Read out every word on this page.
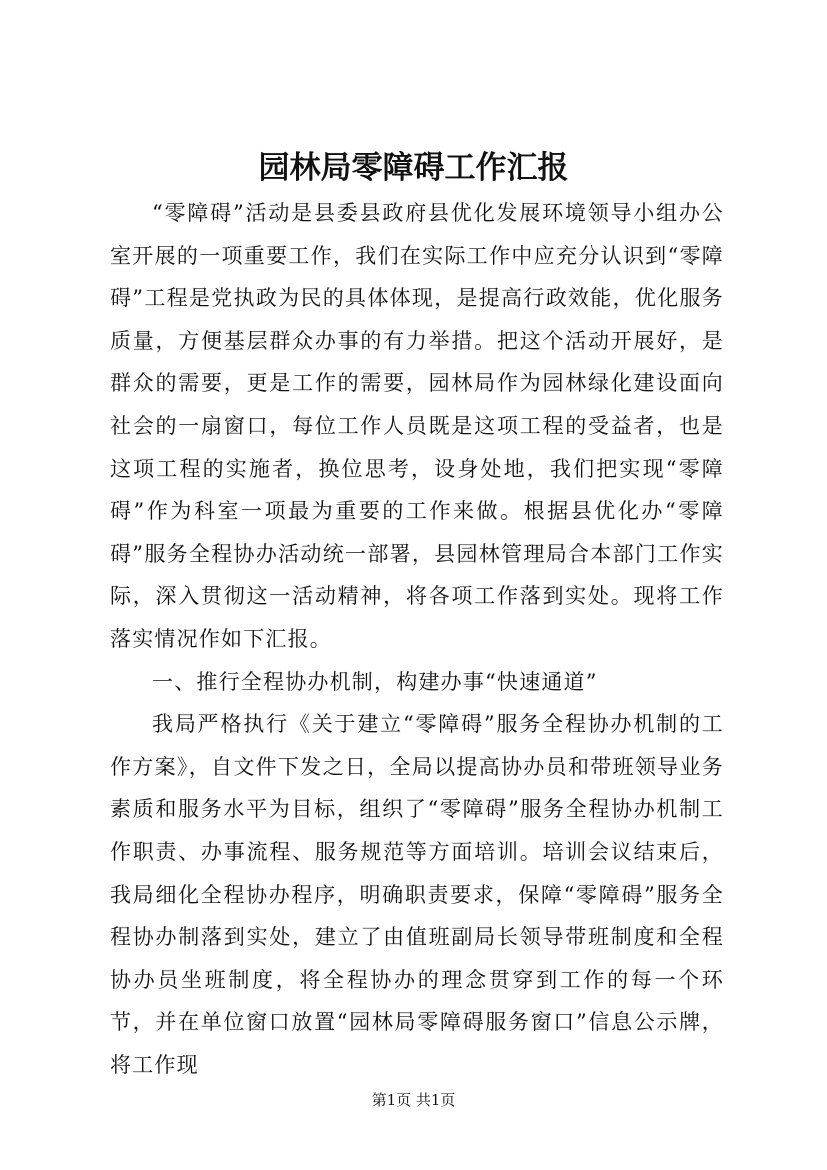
园林局零障碍工作汇报

“零障碍”活动是县委县政府县优化发展环境领导小组办公室开展的一项重要工作，我们在实际工作中应充分认识到“零障碍”工程是党执政为民的具体体现，是提高行政效能，优化服务质量，方便基层群众办事的有力举措。把这个活动开展好，是群众的需要，更是工作的需要，园林局作为园林绿化建设面向社会的一扇窗口，每位工作人员既是这项工程的受益者，也是这项工程的实施者，换位思考，设身处地，我们把实现“零障碍”作为科室一项最为重要的工作来做。根据县优化办“零障碍”服务全程协办活动统一部署，县园林管理局合本部门工作实际，深入贯彻这一活动精神，将各项工作落到实处。现将工作落实情况作如下汇报。

一、推行全程协办机制，构建办事“快速通道”

我局严格执行《关于建立“零障碍”服务全程协办机制的工作方案》，自文件下发之日，全局以提高协办员和带班领导业务素质和服务水平为目标，组织了“零障碍”服务全程协办机制工作职责、办事流程、服务规范等方面培训。培训会议结束后，我局细化全程协办程序，明确职责要求，保障“零障碍”服务全程协办制落到实处，建立了由值班副局长领导带班制度和全程协办员坐班制度，将全程协办的理念贯穿到工作的每一个环节，并在单位窗口放置“园林局零障碍服务窗口”信息公示牌，将工作现

第1页 共1页
